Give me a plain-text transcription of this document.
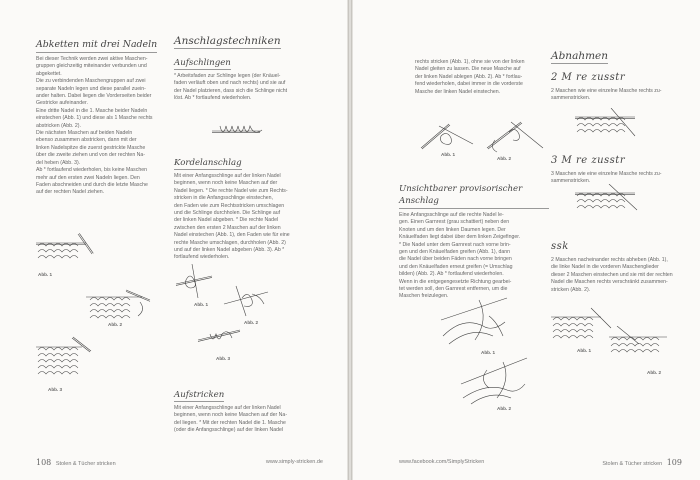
Abketten mit drei Nadeln
Bei dieser Technik werden zwei aktive Maschen-
gruppen gleichzeitig miteinander verbunden und
abgekettet.
Die zu verbindenden Maschengruppen auf zwei
separate Nadeln legen und diese parallel zuein-
ander halten. Dabei liegen die Vorderseiten beider
Gestricke aufeinander.
Eine dritte Nadel in die 1. Masche beider Nadeln
einstechen (Abb. 1) und diese als 1 Masche rechts
abstricken (Abb. 2).
Die nächsten Maschen auf beiden Nadeln
ebenso zusammen abstricken, dann mit der
linken Nadelspitze die zuerst gestrickte Masche
über die zweite ziehen und von der rechten Na-
del heben (Abb. 3).
Ab * fortlaufend wiederholen, bis keine Maschen
mehr auf den ersten zwei Nadeln liegen. Den
Faden abschneiden und durch die letzte Masche
auf der rechten Nadel ziehen.
Abb. 1
Abb. 2
Abb. 3
Anschlagstechniken
Aufschlingen
* Arbeitsfaden zur Schlinge legen (der Knäuel-
faden verläuft oben und nach rechts) und sie auf
der Nadel platzieren, dass sich die Schlinge nicht
löst. Ab * fortlaufend wiederholen.
Kordelanschlag
Mit einer Anfangsschlinge auf der linken Nadel
beginnen, wenn noch keine Maschen auf der
Nadel liegen. * Die rechte Nadel wie zum Rechts-
stricken in die Anfangsschlinge einstechen,
den Faden wie zum Rechtsstricken umschlagen
und die Schlinge durchholen. Die Schlinge auf
der linken Nadel abgeben. * Die rechte Nadel
zwischen den ersten 2 Maschen auf der linken
Nadel einstechen (Abb. 1), den Faden wie für eine
rechte Masche umschlagen, durchholen (Abb. 2)
und auf der linken Nadel abgeben (Abb. 3). Ab *
fortlaufend wiederholen.
Abb. 1
Abb. 2
Abb. 3
Aufstricken
Mit einer Anfangsschlinge auf der linken Nadel
beginnen, wenn noch keine Maschen auf der Na-
del liegen. * Mit der rechten Nadel die 1. Masche
(oder die Anfangsschlinge) auf der linken Nadel
108 Stolen & Tücher stricken	www.simply-stricken.de
rechts stricken (Abb. 1), ohne sie von der linken
Nadel gleiten zu lassen. Die neue Masche auf
der linken Nadel ablegen (Abb. 2). Ab * fortlau-
fend wiederholen, dabei immer in die vorderste
Masche der linken Nadel einstechen.
Abb. 1
Abb. 2
Unsichtbarer provisorischer Anschlag
Eine Anfangsschlinge auf die rechte Nadel le-
gen. Einen Garnrest (grau schattiert) neben den
Knoten und um den linken Daumen legen. Der
Knäuelfaden liegt dabei über dem linken Zeigefinger.
* Die Nadel unter dem Garnrest nach vorne brin-
gen und den Knäuelfaden greifen (Abb. 1), dann
die Nadel über beiden Fäden nach vorne bringen
und den Knäuelfaden erneut greifen (= Umschlag
bilden) (Abb. 2). Ab * fortlaufend wiederholen.
Wenn in die entgegengesetzte Richtung gearbei-
tet werden soll, den Garnrest entfernen, um die
Maschen freizulegen.
Abb. 1
Abb. 2
Abnahmen
2 M re zusstr
2 Maschen wie eine einzelne Masche rechts zu-
sammenstricken.
3 M re zusstr
3 Maschen wie eine einzelne Masche rechts zu-
sammenstricken.
ssk
2 Maschen nacheinander rechts abheben (Abb. 1),
die linke Nadel in die vorderen Maschenglieder
dieser 2 Maschen einstechen und sie mit der rechten
Nadel die Maschen rechts verschränkt zusammen-
stricken (Abb. 2).
Abb. 1
Abb. 2
www.facebook.com/SimplyStricken	Stolen & Tücher stricken 109
